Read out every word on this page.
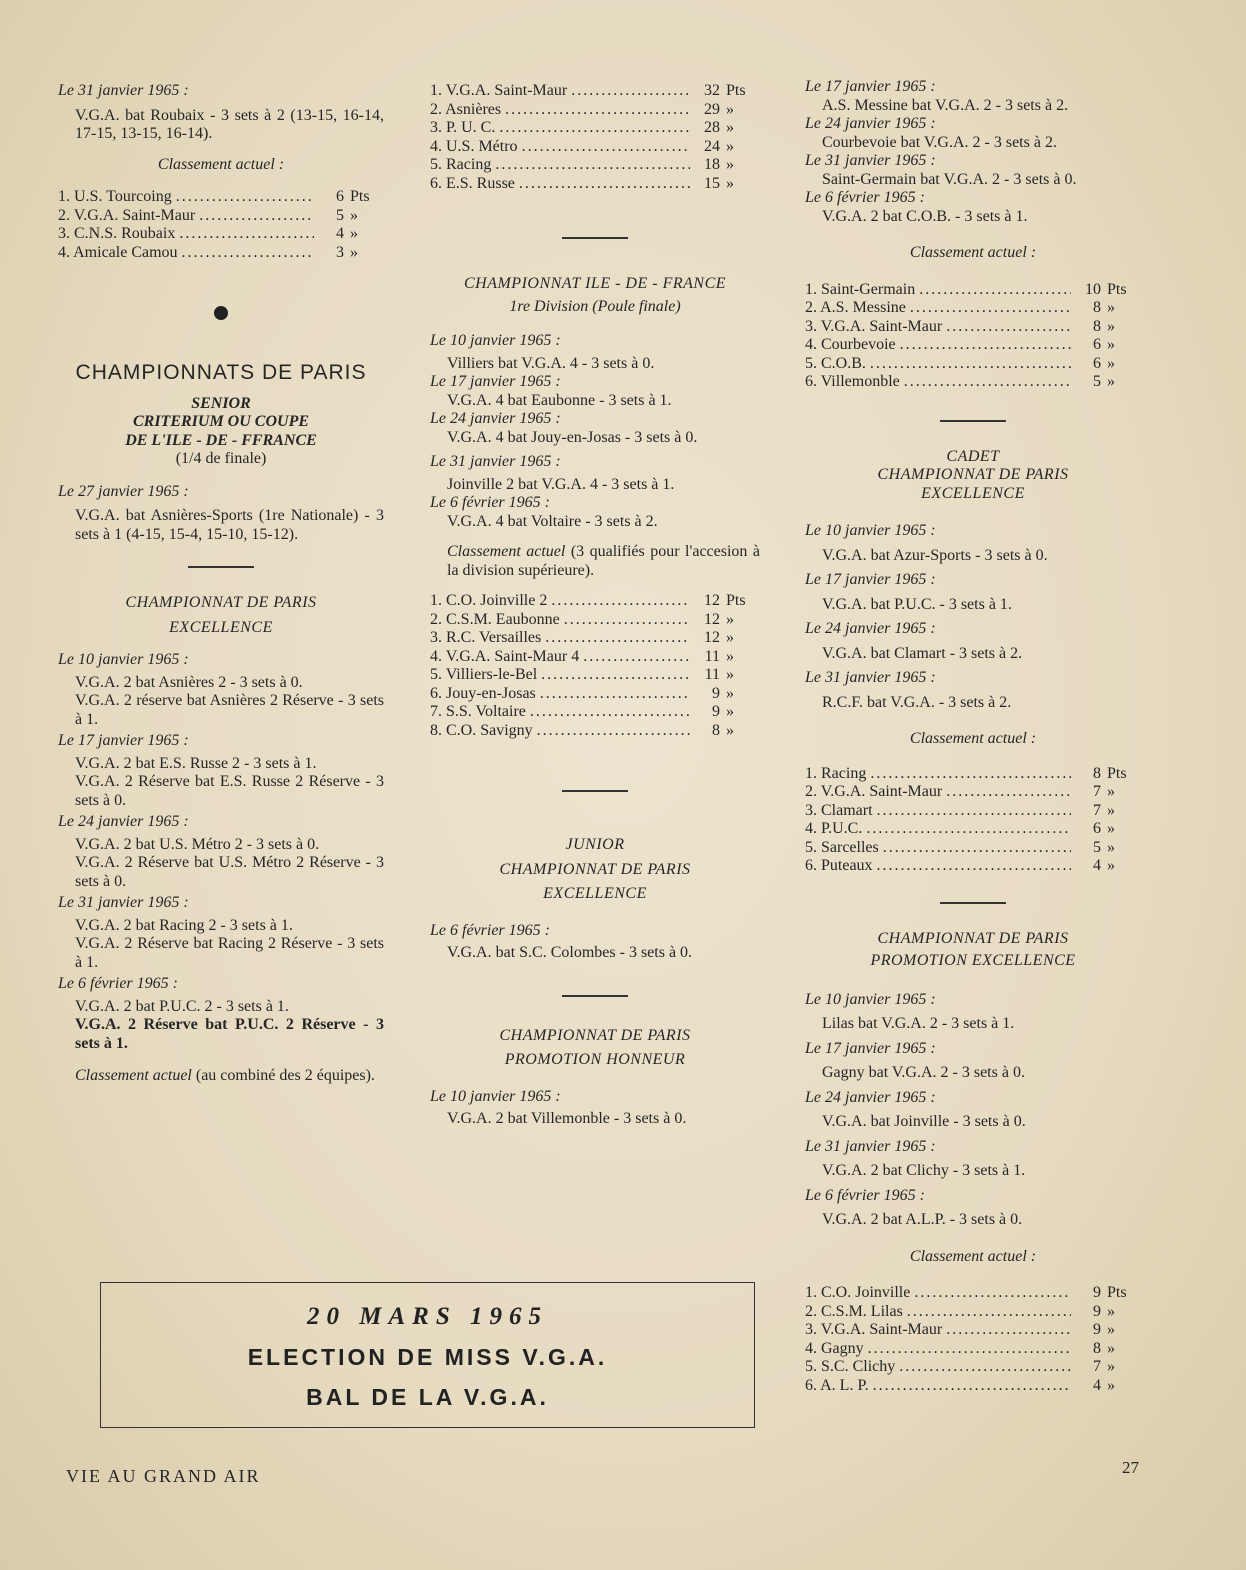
Le 31 janvier 1965 :

V.G.A. bat Roubaix - 3 sets à 2 (13-15, 16-14, 17-15, 13-15, 16-14).

Classement actuel :

1. U.S. Tourcoing .....	6 Pts
2. V.G.A. Saint-Maur .....	5 »
3. C.N.S. Roubaix .....	4 »
4. Amicale Camou .....	3 »

CHAMPIONNATS DE PARIS

SENIOR

CRITERIUM OU COUPE

DE L'ILE - DE - FFRANCE

(1/4 de finale)

Le 27 janvier 1965 :

V.G.A. bat Asnières-Sports (1re Nationale) - 3 sets à 1 (4-15, 15-4, 15-10, 15-12).

CHAMPIONNAT DE PARIS

EXCELLENCE

Le 10 janvier 1965 :

V.G.A. 2 bat Asnières 2 - 3 sets à 0.

V.G.A. 2 réserve bat Asnières 2 Réserve - 3 sets à 1.

Le 17 janvier 1965 :

V.G.A. 2 bat E.S. Russe 2 - 3 sets à 1.

V.G.A. 2 Réserve bat E.S. Russe 2 Réserve - 3 sets à 0.

Le 24 janvier 1965 :

V.G.A. 2 bat U.S. Métro 2 - 3 sets à 0.

V.G.A. 2 Réserve bat U.S. Métro 2 Réserve - 3 sets à 0.

Le 31 janvier 1965 :

V.G.A. 2 bat Racing 2 - 3 sets à 1.

V.G.A. 2 Réserve bat Racing 2 Réserve - 3 sets à 1.

Le 6 février 1965 :

V.G.A. 2 bat P.U.C. 2 - 3 sets à 1.

V.G.A. 2 Réserve bat P.U.C. 2 Réserve - 3 sets à 1.

Classement actuel (au combiné des 2 équipes).

1. V.G.A. Saint-Maur .....	32 Pts
2. Asnières .....	29 »
3. P. U. C. .....	28 »
4. U.S. Métro .....	24 »
5. Racing .....	18 »
6. E.S. Russe .....	15 »

CHAMPIONNAT ILE - DE - FRANCE

1re Division (Poule finale)

Le 10 janvier 1965 :

Villiers bat V.G.A. 4 - 3 sets à 0.

Le 17 janvier 1965 :

V.G.A. 4 bat Eaubonne - 3 sets à 1.

Le 24 janvier 1965 :

V.G.A. 4 bat Jouy-en-Josas - 3 sets à 0.

Le 31 janvier 1965 :

Joinville 2 bat V.G.A. 4 - 3 sets à 1.

Le 6 février 1965 :

V.G.A. 4 bat Voltaire - 3 sets à 2.

Classement actuel (3 qualifiés pour l'accesion à la division supérieure).

1. C.O. Joinville 2 .....	12 Pts
2. C.S.M. Eaubonne .....	12 »
3. R.C. Versailles .....	12 »
4. V.G.A. Saint-Maur 4 .....	11 »
5. Villiers-le-Bel .....	11 »
6. Jouy-en-Josas .....	9 »
7. S.S. Voltaire .....	9 »
8. C.O. Savigny .....	8 »

JUNIOR

CHAMPIONNAT DE PARIS

EXCELLENCE

Le 6 février 1965 :

V.G.A. bat S.C. Colombes - 3 sets à 0.

CHAMPIONNAT DE PARIS

PROMOTION HONNEUR

Le 10 janvier 1965 :

V.G.A. 2 bat Villemonble - 3 sets à 0.

Le 17 janvier 1965 :

A.S. Messine bat V.G.A. 2 - 3 sets à 2.

Le 24 janvier 1965 :

Courbevoie bat V.G.A. 2 - 3 sets à 2.

Le 31 janvier 1965 :

Saint-Germain bat V.G.A. 2 - 3 sets à 0.

Le 6 février 1965 :

V.G.A. 2 bat C.O.B. - 3 sets à 1.

Classement actuel :

1. Saint-Germain .....	10 Pts
2. A.S. Messine .....	8 »
3. V.G.A. Saint-Maur .....	8 »
4. Courbevoie .....	6 »
5. C.O.B. .....	6 »
6. Villemonble .....	5 »

CADET

CHAMPIONNAT DE PARIS

EXCELLENCE

Le 10 janvier 1965 :

V.G.A. bat Azur-Sports - 3 sets à 0.

Le 17 janvier 1965 :

V.G.A. bat P.U.C. - 3 sets à 1.

Le 24 janvier 1965 :

V.G.A. bat Clamart - 3 sets à 2.

Le 31 janvier 1965 :

R.C.F. bat V.G.A. - 3 sets à 2.

Classement actuel :

1. Racing .....	8 Pts
2. V.G.A. Saint-Maur .....	7 »
3. Clamart .....	7 »
4. P.U.C. .....	6 »
5. Sarcelles .....	5 »
6. Puteaux .....	4 »

CHAMPIONNAT DE PARIS

PROMOTION EXCELLENCE

Le 10 janvier 1965 :

Lilas bat V.G.A. 2 - 3 sets à 1.

Le 17 janvier 1965 :

Gagny bat V.G.A. 2 - 3 sets à 0.

Le 24 janvier 1965 :

V.G.A. bat Joinville - 3 sets à 0.

Le 31 janvier 1965 :

V.G.A. 2 bat Clichy - 3 sets à 1.

Le 6 février 1965 :

V.G.A. 2 bat A.L.P. - 3 sets à 0.

Classement actuel :

1. C.O. Joinville .....	9 Pts
2. C.S.M. Lilas .....	9 »
3. V.G.A. Saint-Maur .....	9 »
4. Gagny .....	8 »
5. S.C. Clichy .....	7 »
6. A. L. P. .....	4 »
20 MARS 1965
ELECTION DE MISS V.G.A.
BAL DE LA V.G.A.
VIE AU GRAND AIR	27
